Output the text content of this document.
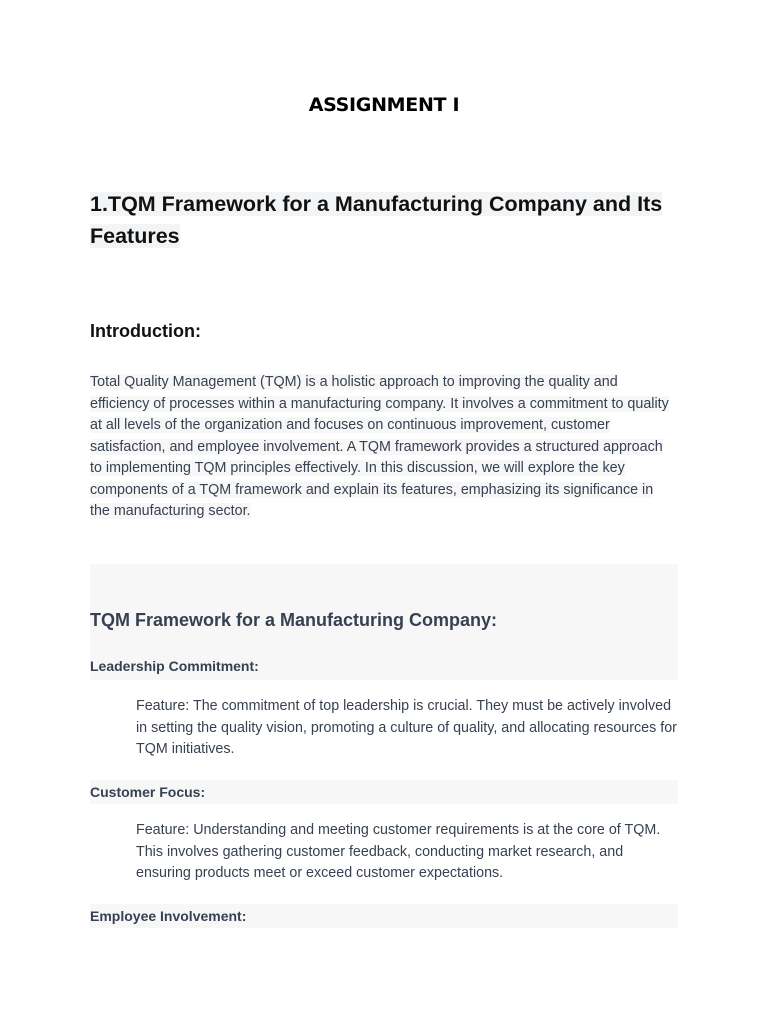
ASSIGNMENT I
1.TQM Framework for a Manufacturing Company and Its Features
Introduction:

Total Quality Management (TQM) is a holistic approach to improving the quality and efficiency of processes within a manufacturing company. It involves a commitment to quality at all levels of the organization and focuses on continuous improvement, customer satisfaction, and employee involvement. A TQM framework provides a structured approach to implementing TQM principles effectively. In this discussion, we will explore the key components of a TQM framework and explain its features, emphasizing its significance in the manufacturing sector.

TQM Framework for a Manufacturing Company:
Leadership Commitment:

Feature: The commitment of top leadership is crucial. They must be actively involved in setting the quality vision, promoting a culture of quality, and allocating resources for TQM initiatives.

Customer Focus:

Feature: Understanding and meeting customer requirements is at the core of TQM. This involves gathering customer feedback, conducting market research, and ensuring products meet or exceed customer expectations.

Employee Involvement:
